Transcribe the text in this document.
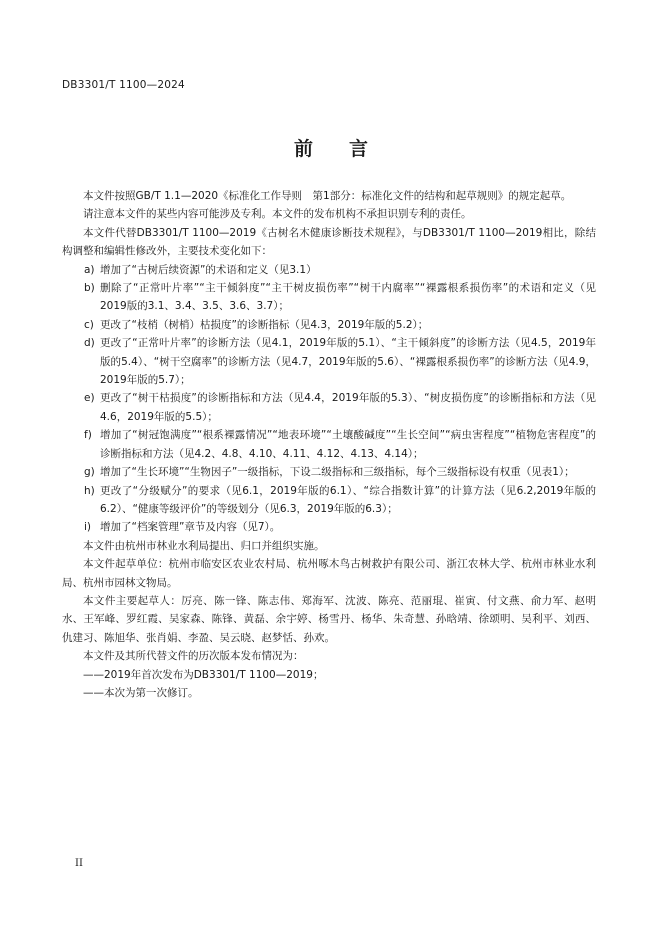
DB3301/T 1100—2024
前 言

本文件按照GB/T 1.1—2020《标准化工作导则　第1部分：标准化文件的结构和起草规则》的规定起草。

请注意本文件的某些内容可能涉及专利。本文件的发布机构不承担识别专利的责任。

本文件代替DB3301/T 1100—2019《古树名木健康诊断技术规程》，与DB3301/T 1100—2019相比，除结构调整和编辑性修改外，主要技术变化如下：

a) 增加了“古树后续资源”的术语和定义（见3.1）

b) 删除了“正常叶片率”“主干倾斜度”“主干树皮损伤率”“树干内腐率”“裸露根系损伤率”的术语和定义（见2019版的3.1、3.4、3.5、3.6、3.7）；

c) 更改了“枝梢（树梢）枯损度”的诊断指标（见4.3，2019年版的5.2）；

d) 更改了“正常叶片率”的诊断方法（见4.1，2019年版的5.1）、“主干倾斜度”的诊断方法（见4.5，2019年版的5.4）、“树干空腐率”的诊断方法（见4.7，2019年版的5.6）、“裸露根系损伤率”的诊断方法（见4.9，2019年版的5.7）；

e) 更改了“树干枯损度”的诊断指标和方法（见4.4，2019年版的5.3）、“树皮损伤度”的诊断指标和方法（见4.6，2019年版的5.5）；

f) 增加了“树冠饱满度”“根系裸露情况”“地表环境”“土壤酸碱度”“生长空间”“病虫害程度”“植物危害程度”的诊断指标和方法（见4.2、4.8、4.10、4.11、4.12、4.13、4.14）；

g) 增加了“生长环境”“生物因子”一级指标，下设二级指标和三级指标，每个三级指标设有权重（见表1）；

h) 更改了“分级赋分”的要求（见6.1，2019年版的6.1）、“综合指数计算”的计算方法（见6.2,2019年版的6.2）、“健康等级评价”的等级划分（见6.3，2019年版的6.3）；

i) 增加了“档案管理”章节及内容（见7）。

本文件由杭州市林业水利局提出、归口并组织实施。

本文件起草单位：杭州市临安区农业农村局、杭州啄木鸟古树救护有限公司、浙江农林大学、杭州市林业水利局、杭州市园林文物局。

本文件主要起草人：厉亮、陈一锋、陈志伟、郑海军、沈波、陈亮、范丽琨、崔寅、付文燕、俞力军、赵明水、王军峰、罗红霞、吴家森、陈锋、黄磊、余宇婷、杨雪丹、杨华、朱奇慧、孙晗靖、徐颂明、吴利平、刘西、仇建习、陈旭华、张肖娟、李盈、吴云晓、赵梦恬、孙欢。

本文件及其所代替文件的历次版本发布情况为：

——2019年首次发布为DB3301/T 1100—2019；

——本次为第一次修订。

II
